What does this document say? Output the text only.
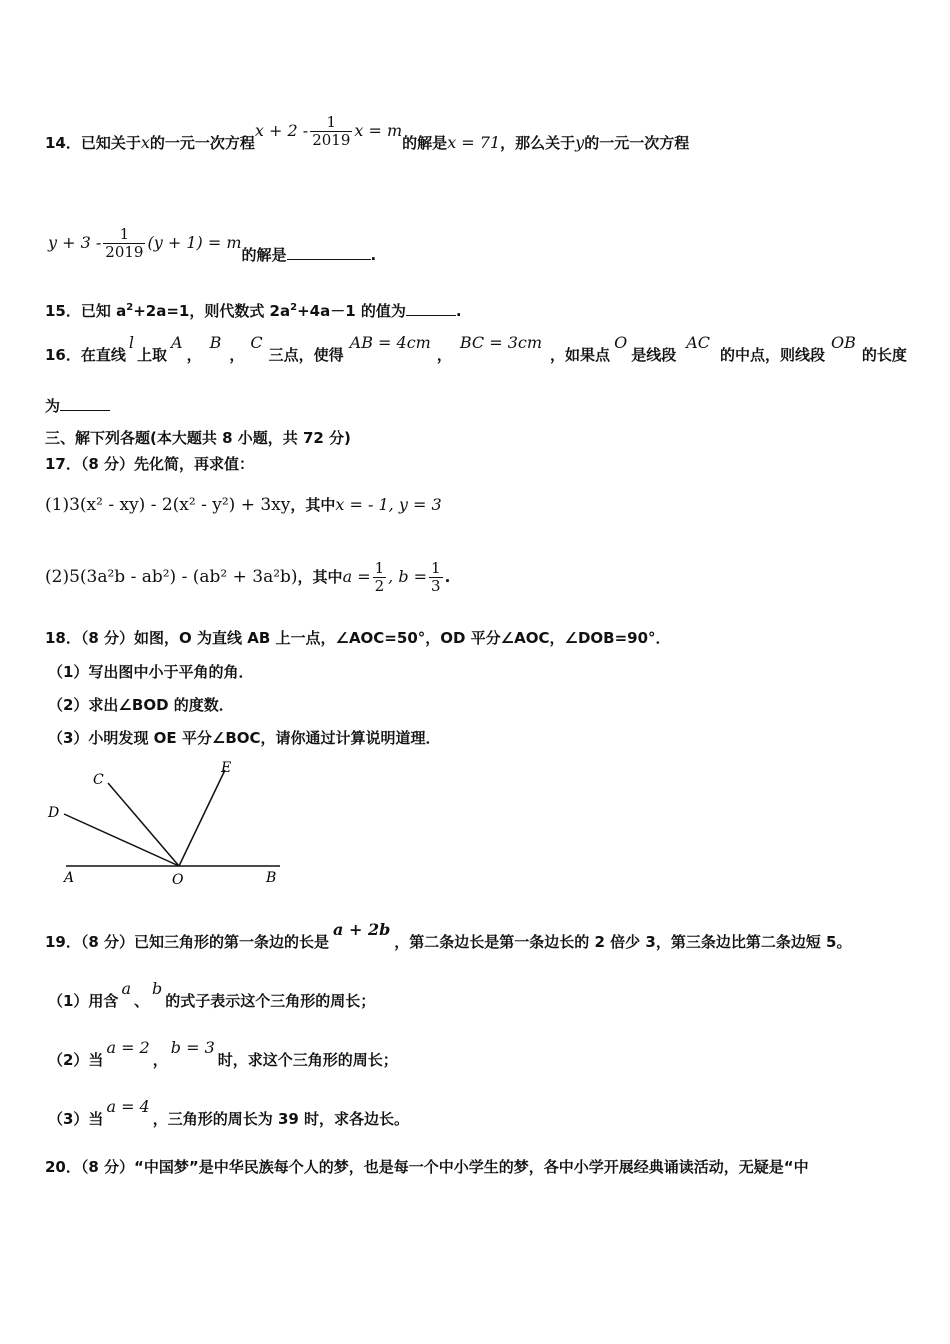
14．已知关于x的一元一次方程$x + 2 - \frac{1}{2019}$ x = m的解是x = 71，那么关于y的一元一次方程
$y + 3 - \frac{1}{2019} (y + 1) = m$的解是	.
15．已知 $a^2+2a=1$，则代数式 $2a^2+4a-1$ 的值为	.
16．在直线l上取A，B，C三点，使得AB = 4cm，BC = 3cm，如果点O是线段AC的中点，则线段OB的长度
为
三、解下列各题(本大题共 8 小题，共 72 分)
17．（8 分）先化简，再求值：
(1)3(x² - xy) - 2(x² - y²) + 3xy，其中x = - 1, y = 3
(2)5(3a²b - ab²) - (ab² + 3a²b)，其中$a = \frac{1}{2}$ , $b = \frac{1}{3}$ .
18．（8 分）如图，O 为直线 AB 上一点，∠AOC=50°，OD 平分∠AOC，∠DOB=90°．
（1）写出图中小于平角的角．
（2）求出∠BOD 的度数．
（3）小明发现 OE 平分∠BOC，请你通过计算说明道理．
A	O	B
C
D
E
19．（8 分）已知三角形的第一条边的长是a + 2b，第二条边长是第一条边长的 2 倍少 3，第三条边比第二条边短 5。
（1）用含a、b的式子表示这个三角形的周长；
（2）当a = 2，b = 3时，求这个三角形的周长；
（3）当a = 4，三角形的周长为 39 时，求各边长。
20．（8 分）“中国梦”是中华民族每个人的梦，也是每一个中小学生的梦，各中小学开展经典诵读活动，无疑是“中
